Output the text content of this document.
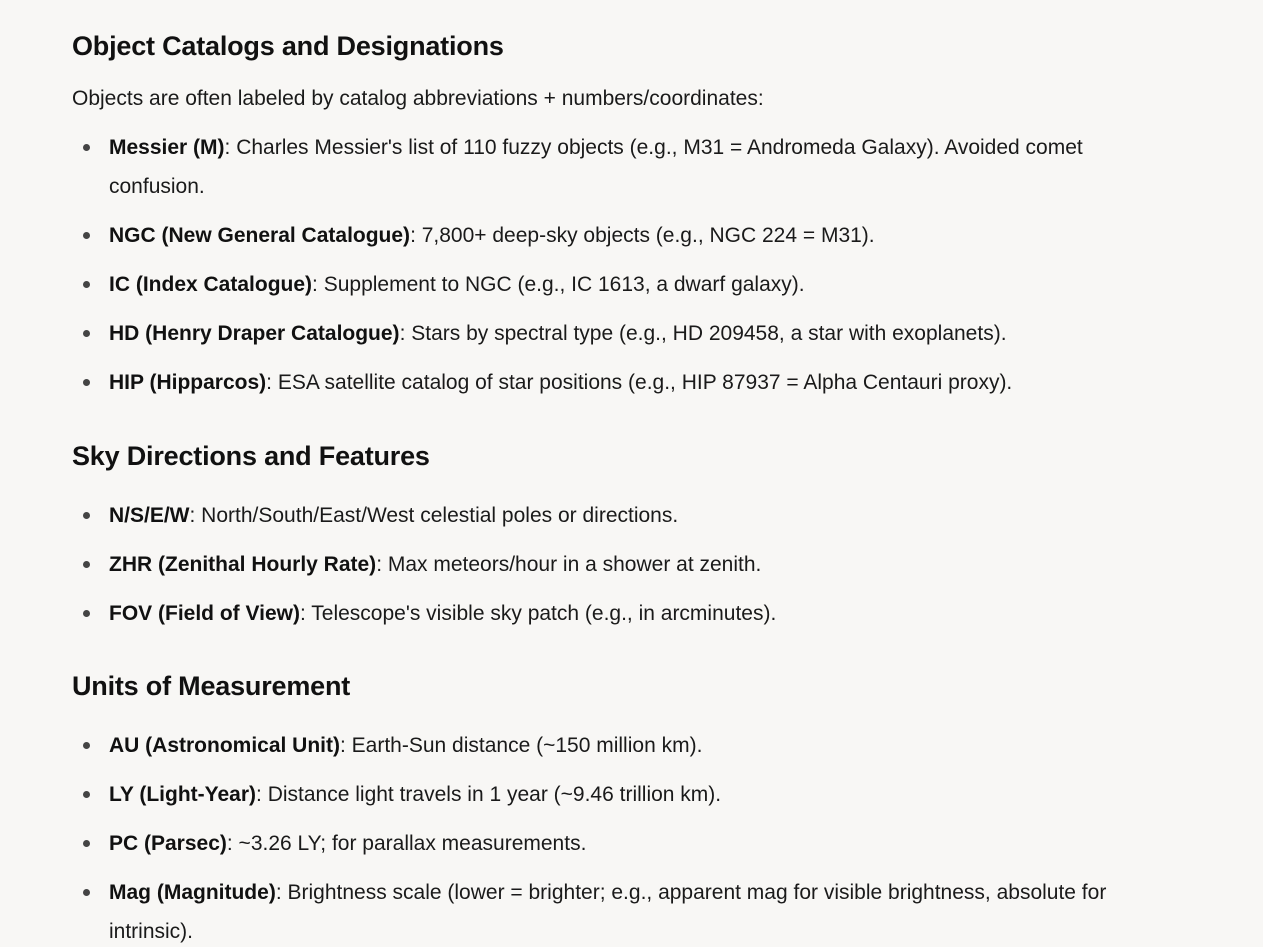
Object Catalogs and Designations

Objects are often labeled by catalog abbreviations + numbers/coordinates:

Messier (M): Charles Messier's list of 110 fuzzy objects (e.g., M31 = Andromeda Galaxy). Avoided comet confusion.
NGC (New General Catalogue): 7,800+ deep-sky objects (e.g., NGC 224 = M31).
IC (Index Catalogue): Supplement to NGC (e.g., IC 1613, a dwarf galaxy).
HD (Henry Draper Catalogue): Stars by spectral type (e.g., HD 209458, a star with exoplanets).
HIP (Hipparcos): ESA satellite catalog of star positions (e.g., HIP 87937 = Alpha Centauri proxy).
Sky Directions and Features
N/S/E/W: North/South/East/West celestial poles or directions.
ZHR (Zenithal Hourly Rate): Max meteors/hour in a shower at zenith.
FOV (Field of View): Telescope's visible sky patch (e.g., in arcminutes).
Units of Measurement
AU (Astronomical Unit): Earth-Sun distance (~150 million km).
LY (Light-Year): Distance light travels in 1 year (~9.46 trillion km).
PC (Parsec): ~3.26 LY; for parallax measurements.
Mag (Magnitude): Brightness scale (lower = brighter; e.g., apparent mag for visible brightness, absolute for intrinsic).
